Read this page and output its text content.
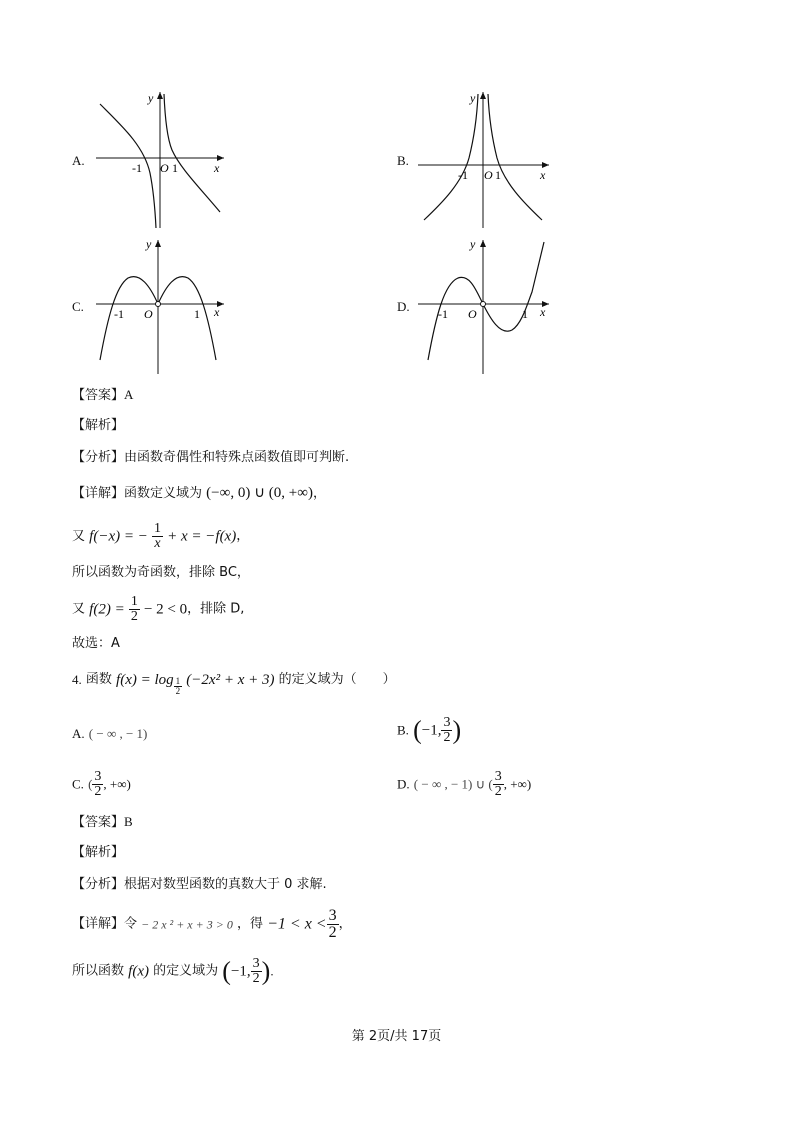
A.
y
x
O 1
-1	B.
y
x
O 1
-1
C.
y
x
O	1
-1	D.
y
x
O	1
-1
【答案】A
【解析】
【分析】由函数奇偶性和特殊点函数值即可判断.
【详解】函数定义域为 (−∞, 0) ∪ (0, +∞)，
又 f(−x) = − $\frac{1}{x} + x = -f(x)$，
所以函数为奇函数，排除 BC，
又 $f(2) = \frac{1}{2} - 2 < 0$，排除 D,
故选：A
4. 函数 $f(x) = \log \frac{1}{2} (-2x^2 + x + 3)$ 的定义域为（　　）
A. ( − ∞ , − 1)	B. (−1, $\frac{3}{2}$ )
C. ( $\frac{3}{2}$ , +∞)	D. ( − ∞ , − 1) ∪ ( $\frac{3}{2}$ , +∞)
【答案】B
【解析】
【分析】根据对数型函数的真数大于 0 求解.
【详解】令 − 2 x ² + x + 3 > 0 ，得 $-1 < x < \frac{3}{2}$ ，
所以函数 f(x) 的定义域为 (−1, $\frac{3}{2}$ ).
第 2页/共 17页
